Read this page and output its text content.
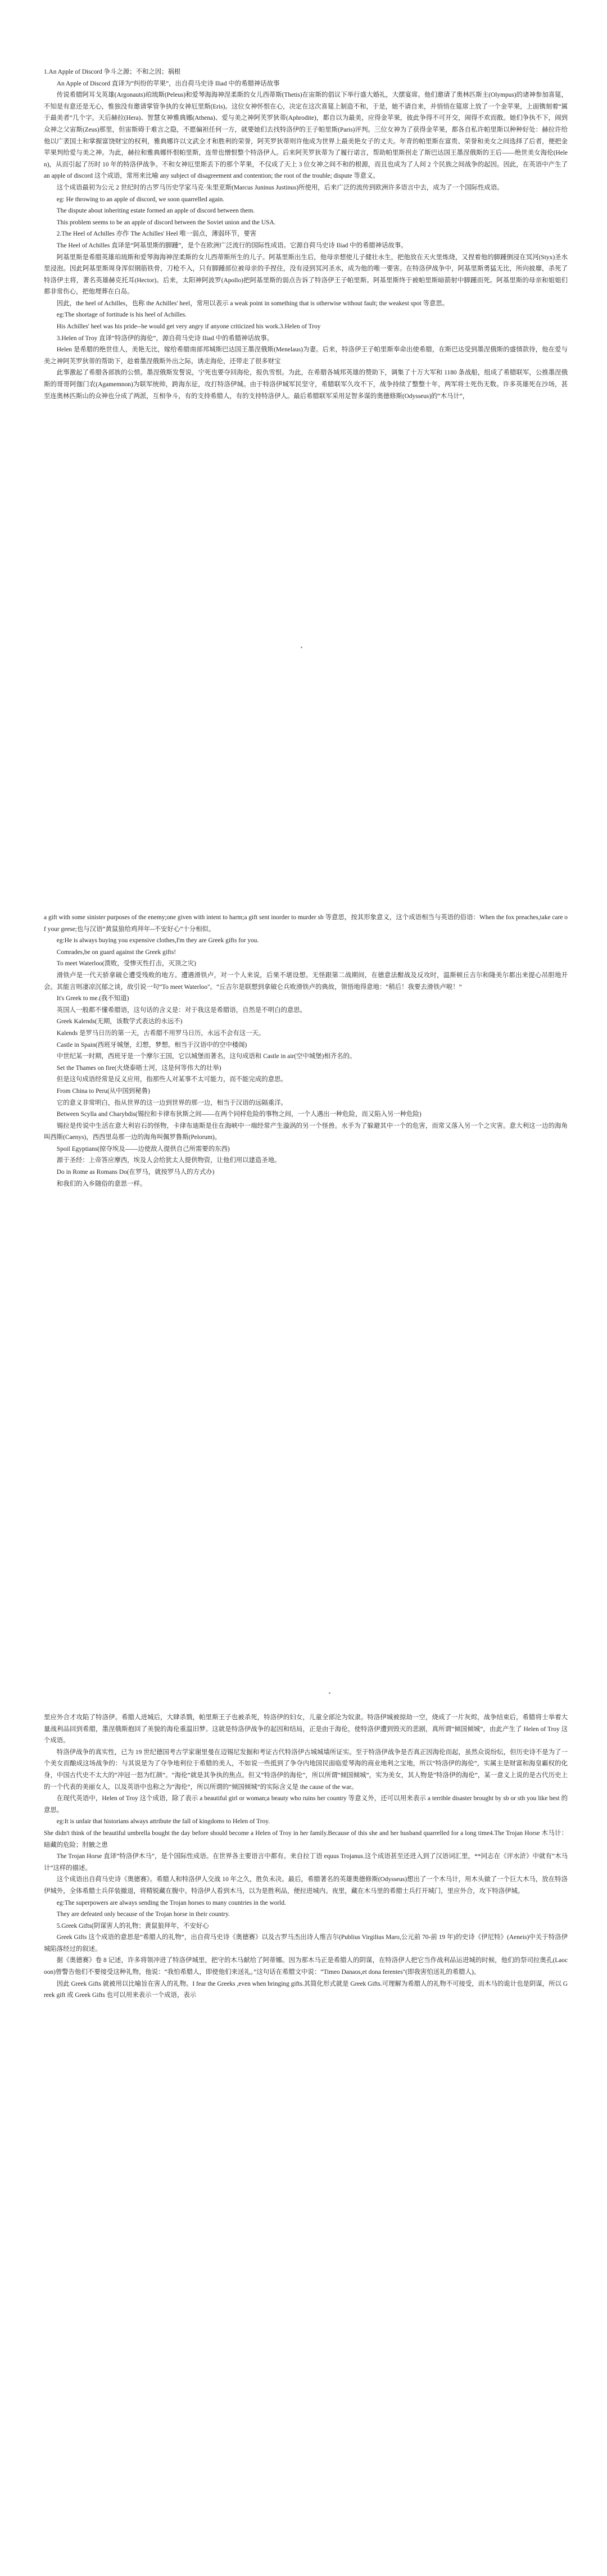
1.An Apple of Discord 争斗之源；不和之因；祸根

An Apple of Discord 直译为“纠纷的苹果”，出自荷马史诗 Iliad 中的希腊神话故事

传说希腊阿耳戈英雄(Argonauts)珀琉斯(Peleus)和爱琴海海神涅柔斯的女儿西蒂斯(Thetis)在宙斯的倡议下举行盛大婚礼，大摆宴席。他们邀请了奥林匹斯主(Olympus)的诸神参加喜筵，不知是有意还是无心，惟独没有邀请掌管争执的女神厄里斯(Eris)。这位女神怀恨在心，决定在这次喜筵上制造不和，于是，她不请自来，并悄悄在筵席上放了一个金苹果，上面镌刻着“属于最美者”几个字。天后赫拉(Hera)、智慧女神雅典娜(Athena)、爱与美之神阿芙罗狄蒂(Aphrodite)，都自以为最美，应得金苹果，彼此争得不可开交，闹得不欢而散。她们争执不下，闹到众神之父宙斯(Zeus)那里，但宙斯碍于难言之隐，不愿偏袒任何一方，就要她们去找特洛伊的王子帕里斯(Paris)评判。三位女神为了获得金苹果，都各自私许帕里斯以种种好处：赫拉许给他以广袤国土和掌握富饶财宝的权利，雅典娜许以文武全才和胜利的荣誉，阿芙罗狄蒂则许他成为世界上最美艳女子的丈夫。年青的帕里斯在富贵、荣誉和美女之间选择了后者，便把金苹果判给爱与美之神。为此，赫拉和雅典娜怀恨帕里斯，连带也憎恨整个特洛伊人。后来阿芙罗狄蒂为了履行诺言，帮助帕里斯拐走了斯巴达国王墨涅俄斯的王后——绝世美女海伦(Helen)，从而引起了历时 10 年的特洛伊战争。不和女神厄里斯丢下的那个苹果，不仅成了天上 3 位女神之间不和的根源，而且也成为了人间 2 个民族之间战争的起因。因此，在英语中产生了 an apple of discord 这个成语，常用来比喻 any subject of disagreement and contention; the root of the trouble; dispute 等意义。

这个成语最初为公元 2 世纪时的古罗马历史学家马克·朱里亚斯(Marcus Juninus Justinus)所使用，后来广泛的流传到欧洲许多语言中去，成为了一个国际性成语。

eg: He throwing to an apple of discord, we soon quarrelled again.

The dispute about inheriting estate formed an apple of discord between them.

This problem seems to be an apple of discord between the Soviet union and the USA.

2.The Heel of Achilles 亦作 The Achilles' Heel 唯一弱点，薄弱环节，要害

The Heel of Achilles 直译是“阿基里斯的脚踵”，是个在欧洲广泛流行的国际性成语。它源自荷马史诗 Iliad 中的希腊神话故事。

阿基里斯是希腊英雄珀琉斯和爱琴海海神涅柔斯的女儿西蒂斯所生的儿子。阿基里斯出生后，他母亲想使儿子健壮永生，把他放在天火里炼烧，又捏着他的脚踵倒浸在冥河(Styx)圣水里浸泡。因此阿基里斯周身浑似钢筋铁骨，刀枪不入，只有脚踵部位被母亲的手捏住，没有浸到冥河圣水，成为他的唯一要害。在特洛伊战争中，阿基里斯勇猛无比，所向披靡，杀死了特洛伊主将，著名英雄赫克托耳(Hector)。后来，太阳神阿波罗(Apollo)把阿基里斯的弱点告诉了特洛伊王子帕里斯。阿基里斯终于被帕里斯暗箭射中脚踵而死。阿基里斯的母亲和姐姐们都非常伤心，把他埋葬在白岛。

因此，the heel of Achilles，也称 the Achilles' heel，常用以表示 a weak point in something that is otherwise without fault; the weakest spot 等意思。

eg:The shortage of fortitude is his heel of Achilles.

His Achilles' heel was his pride--he would get very angry if anyone criticized his work.3.Helen of Troy

3.Helen of Troy 直译“特洛伊的海伦”，源自荷马史诗 Iliad 中的希腊神话故事。

Helen 是希腊的绝世佳人，美艳无比，嫁给希腊南部邦城斯巴达国王墨涅俄斯(Menelaus)为妻。后来，特洛伊王子帕里斯奉命出使希腊，在斯巴达受到墨涅俄斯的盛情款待，他在爱与美之神阿芙罗狄蒂的帮助下，趁着墨涅俄斯外出之际，诱走海伦，还带走了很多财宝

此事激起了希腊各部族的公愤。墨涅俄斯发誓说，宁死也要夺回海伦，报仇雪恨。为此，在希腊各城邦英雄的赞助下，调集了十万大军和 1180 条战船，组成了希腊联军，公推墨涅俄斯的哥哥阿伽门农(Agamemnon)为联军统帅，跨海东征，攻打特洛伊城。由于特洛伊城军民坚守，希腊联军久攻不下，战争持续了整整十年，两军将士死伤无数。许多英雄死在沙场，甚至连奥林匹斯山的众神也分成了两派，互相争斗，有的支持希腊人，有的支持特洛伊人。最后希腊联军采用足智多谋的奥德修斯(Odysseus)的“木马计”，

a gift with some sinister purposes of the enemy;one given with intent to harm;a gift sent inorder to murder sb 等意思，按其形象意义，这个成语相当与英语的俗语：When the fox preaches,take care of your geese;也与汉语“黄鼠狼给鸡拜年--不安好心”十分相似。

eg:He is always buying you expensive clothes,I'm they are Greek gifts for you.

Comrades,be on guard against the Greek gifts!

To meet Waterloo(溃败，受惨灭性打击，灭顶之灾)

滑铁卢是一代天骄拿破仑遭受残败的地方。遭遇滑铁卢，对一个人来说，后果不堪设想。无怪跟第二战期间，在德意法酣战及反攻时，温斯顿丘吉尔和隆美尔都出来提心吊胆地开会。其能言则凄凉沉郁之谈，故引说一句“To meet Waterloo"。“丘吉尔是联想到拿破仑兵败滑铁卢的典故，领悟地得意地：“稍后！我要去滑铁卢啦！”

It's Greek to me.(我不知道)

英国人一般都不懂希腊语，这句话的含义是：对于我这是希腊语，自然是不明白的意思。

Greek Kalends(无期，该数学式表达的永远不)

Kalends 是罗马日历的第一天，古希腊不用罗马日历，永远不会有这一天。

Castle in Spain(西班牙城堡，幻想，梦想。相当于汉语中的空中楼阁)

中世纪某一时期，西班牙是一个摩尔王国，它以城堡而著名，这句成语和 Castle in air(空中城堡)相齐名的。

Set the Thames on fire(火烧泰晤士河，这是何等伟大的壮举)

但是这句成语经常是反义应用，指那些人对某事不太可能力，而不能完成的意思。

From China to Peru(从中国到秘鲁)

它的意义非常明白，指从世界的这一边到世界的那一边，相当于汉语的远隔重洋。

Between Scylla and Charybdis(锡拉和卡律布狄斯之间——在两个同样危险的事物之间，一个人遇出一种危险，而又陷入另一种危险)

锡拉是传说中生活在意大利岩石的怪物，卡律布迪斯是住在海峡中一端经常产生漩涡的另一个怪兽。水手为了躲避其中一个的危害，而常又落入另一个之灾害。意大利这一边的海角叫西斯(Caenys)，西西里岛那一边的海角叫佩罗鲁斯(Pelorum)。

Spoil Egyptians(掠夺埃及——边使敌人提供自己所需要的东西)

源于圣经：上帝答应摩西，埃及人会给犹太人提供物资，让他们用以建造圣地。

Do in Rome as Romans Do(在罗马，就按罗马人的方式办)

和我们的入乡随俗的意思一样。

里应外合才攻陷了特洛伊。希腊人进城后，大肆杀戮，帕里斯王子也被杀死，特洛伊的妇女，儿童全部沦为奴隶。特洛伊城被掠劫一空，烧成了一片灰烬，战争结束后，希腊将士举着大量战利品回到希腊，墨涅俄斯抱回了美貌的海伦重温旧梦。这就是特洛伊战争的起因和结局，正是由于海伦，使特洛伊遭到毁灭的悲剧，真所谓“倾国倾城”，由此产生了 Helen of Troy 这个成语。

特洛伊战争的真实性，已为 19 世纪德国考古学家谢里曼在迈锡尼发掘和考证古代特洛伊古城城墙所证实。至于特洛伊战争是否真正因海伦而起，虽然众说纷纭，但历史诗不是为了一个美女而酿成这场战争的：与其说是为了夺争地利位于希腊的美人，不如说一些抵到了争夺内地国民面临爱琴海的商业地利之宝地，所以“特洛伊的海伦”，实属主是财富和海皇霸权的化身，中国古代史不太大的“冲冠一怒为红颜”。“海伦”就是其争执的焦点。但又“特洛伊的海伦”，所以所谓“倾国倾城”，实为美女，其人物是“特洛伊的海伦”，某一意义上说的是古代历史上的一个代表的美丽女人，以及英语中也称之为“海伦”，所以所谓的“倾国倾城”的实际含义是 the cause of the war。

在现代英语中，Helen of Troy 这个成语，除了表示 a beautiful girl or woman;a beauty who ruins her country 等意义外，还可以用来表示 a terrible disaster brought by sb or sth you like best 的意思。

eg:It is unfair that historians always attribute the fall of kingdoms to Helen of Troy.

She didn't think of the beautiful umbrella bought the day before should become a Helen of Troy in her family.Because of this she and her husband quarrelled for a long time4.The Trojan Horse 木马计：暗藏的危险；肘腋之患

The Trojan Horse 直译“特洛伊木马”，是个国际性成语。在世界各主要语言中都有。来自拉丁语 equus Trojanus.这个成语甚至还进入到了汉语词汇里，**同志在《评水浒》中就有“木马计”这样的描述。

这个成语出自荷马史诗《奥德赛》。希腊人和特洛伊人交战 10 年之久，胜负未决。最后，希腊著名的英雄奥德修斯(Odysseus)想出了一个木马计，用木头做了一个巨大木马，放在特洛伊城外，全体希腊士兵佯装撤退，将精锐藏在腹中。特洛伊人看到木马，以为是胜利品，便拉进城内。夜里，藏在木马里的希腊士兵打开城门，里应外合，攻下特洛伊城。

eg:The superpowers are always sending the Trojan horses to many countries in the world.

They are defeated only because of the Trojan horse in their country.

5.Greek Gifts(阴谋害人的礼物；黄鼠狼拜年，不安好心

Greek Gifts 这个成语的意思是“希腊人的礼物”，出自荷马史诗《奥德赛》以及古罗马杰出诗人维吉尔(Publius Virgilius Maro,公元前 70-前 19 年)的史诗《伊尼特》(Aeneis)中关于特洛伊城陷落经过的叙述。

据《奥德赛》卷 8 记述，许多将领冲进了特洛伊城里，把守的木马献给了阿蒂娜。因为那木马正是希腊人的阴谋，在特洛伊人把它当作战利品运进城的时候，他们的祭司拉奥孔(Laocoon)曾警告他们不要接受这种礼物，他说：“我怕希腊人，即使他们来送礼。”这句话在希腊文中说：“Timeo Danaos,et dona ferentes"(即我害怕送礼的希腊人)。

因此 Greek Gifts 就被用以比喻旨在害人的礼物。I fear the Greeks ,even when bringing gifts.其简化形式就是 Greek Gifts.可理解为希腊人的礼物不可接受，而木马的诡计也是阴谋，所以 Greek gift 或 Greek Gifts 也可以用来表示一个成语，表示
